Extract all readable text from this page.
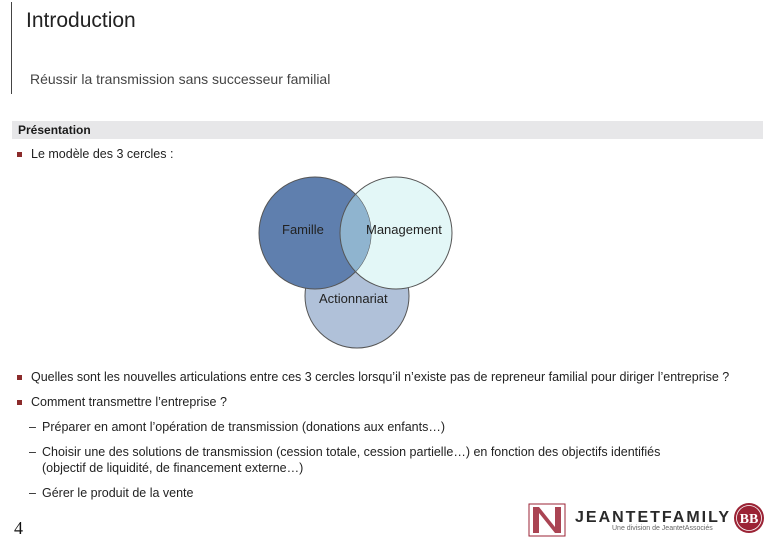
Introduction
Réussir la transmission sans successeur familial
Présentation
Le modèle des 3 cercles :
Famille	Management
Actionnariat
Quelles sont les nouvelles articulations entre ces 3 cercles lorsqu’il n’existe pas de repreneur familial pour diriger l’entreprise ?
Comment transmettre l’entreprise ?
– Préparer en amont l’opération de transmission (donations aux enfants…)
– Choisir une des solutions de transmission (cession totale, cession partielle…) en fonction des objectifs identifiés
(objectif de liquidité, de financement externe…)
– Gérer le produit de la vente
4
JEANTETFAMILY
Une division de JeantetAssociés
BB
